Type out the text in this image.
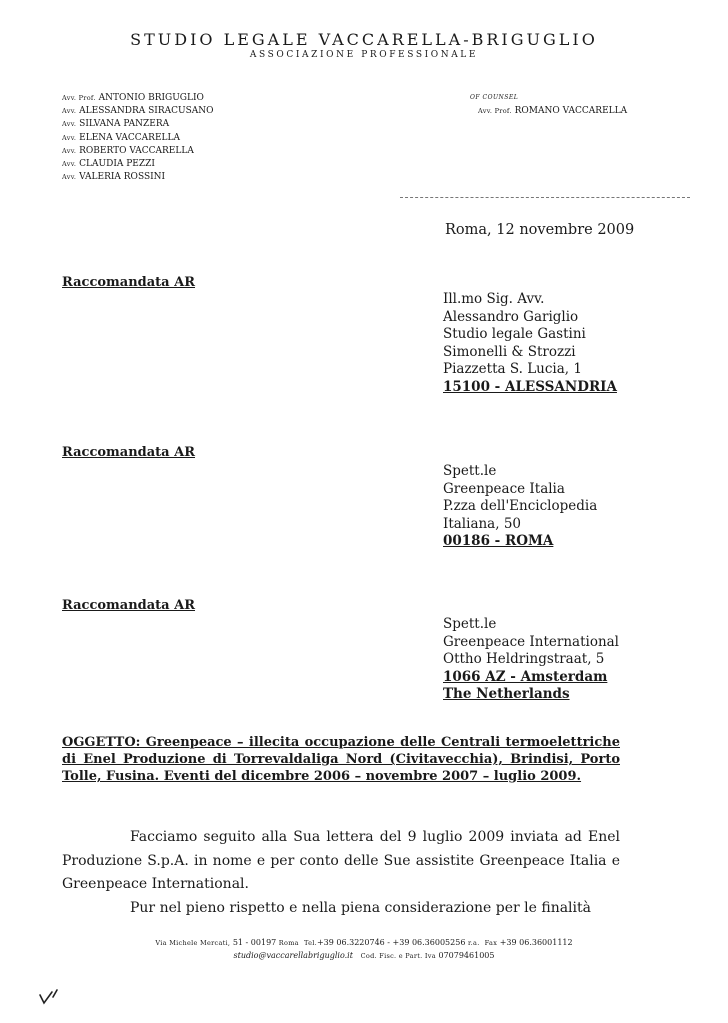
STUDIO LEGALE VACCARELLA-BRIGUGLIO
ASSOCIAZIONE PROFESSIONALE
Avv. Prof. ANTONIO BRIGUGLIO
Avv. ALESSANDRA SIRACUSANO
Avv. SILVANA PANZERA
Avv. ELENA VACCARELLA
Avv. ROBERTO VACCARELLA
Avv. CLAUDIA PEZZI
Avv. VALERIA ROSSINI
OF COUNSEL
Avv. Prof. ROMANO VACCARELLA
Roma, 12 novembre 2009
Raccomandata AR
Ill.mo Sig. Avv.
Alessandro Gariglio
Studio legale Gastini
Simonelli & Strozzi
Piazzetta S. Lucia, 1
15100 - ALESSANDRIA
Raccomandata AR
Spett.le
Greenpeace Italia
P.zza dell'Enciclopedia
Italiana, 50
00186 - ROMA
Raccomandata AR
Spett.le
Greenpeace International
Ottho Heldringstraat, 5
1066 AZ - Amsterdam
The Netherlands
OGGETTO: Greenpeace – illecita occupazione delle Centrali termoelettriche di Enel Produzione di Torrevaldaliga Nord (Civitavecchia), Brindisi, Porto Tolle, Fusina. Eventi del dicembre 2006 – novembre 2007 – luglio 2009.

Facciamo seguito alla Sua lettera del 9 luglio 2009 inviata ad Enel Produzione S.p.A. in nome e per conto delle Sue assistite Greenpeace Italia e Greenpeace International.

Pur nel pieno rispetto e nella piena considerazione per le finalità

Via Michele Mercati, 51 - 00197 Roma Tel.+39 06.3220746 - +39 06.36005256 r.a. Fax +39 06.36001112
studio@vaccarellabriguglio.it Cod. Fisc. e Part. Iva 07079461005
